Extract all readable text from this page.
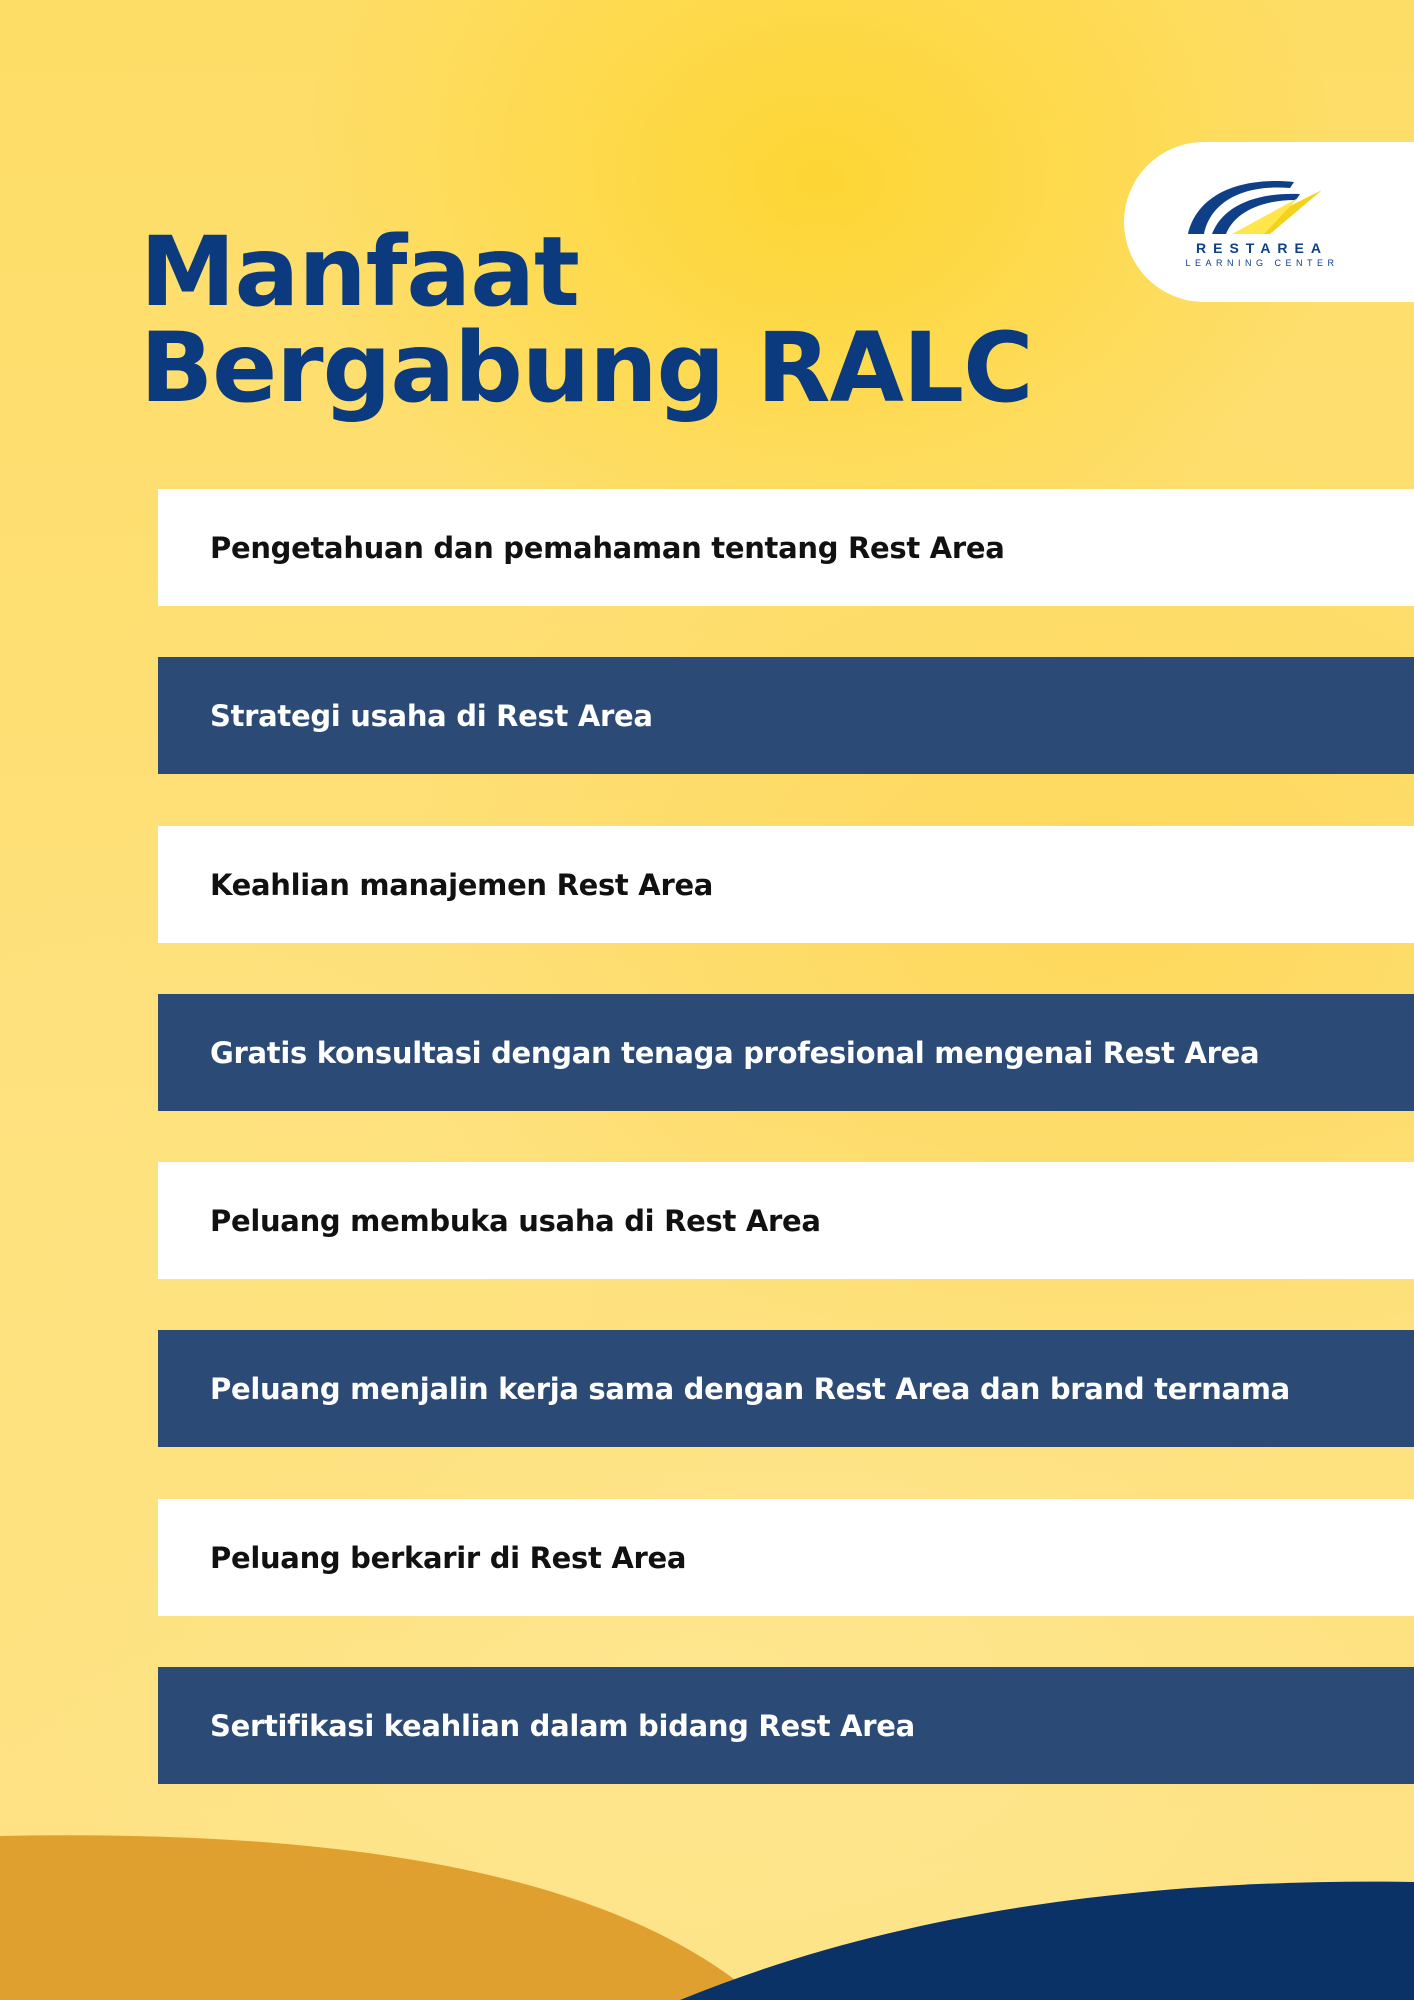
RESTAREA
LEARNING CENTER
Manfaat
Bergabung RALC
Pengetahuan dan pemahaman tentang Rest Area
Strategi usaha di Rest Area
Keahlian manajemen Rest Area
Gratis konsultasi dengan tenaga profesional mengenai Rest Area
Peluang membuka usaha di Rest Area
Peluang menjalin kerja sama dengan Rest Area dan brand ternama
Peluang berkarir di Rest Area
Sertifikasi keahlian dalam bidang Rest Area
